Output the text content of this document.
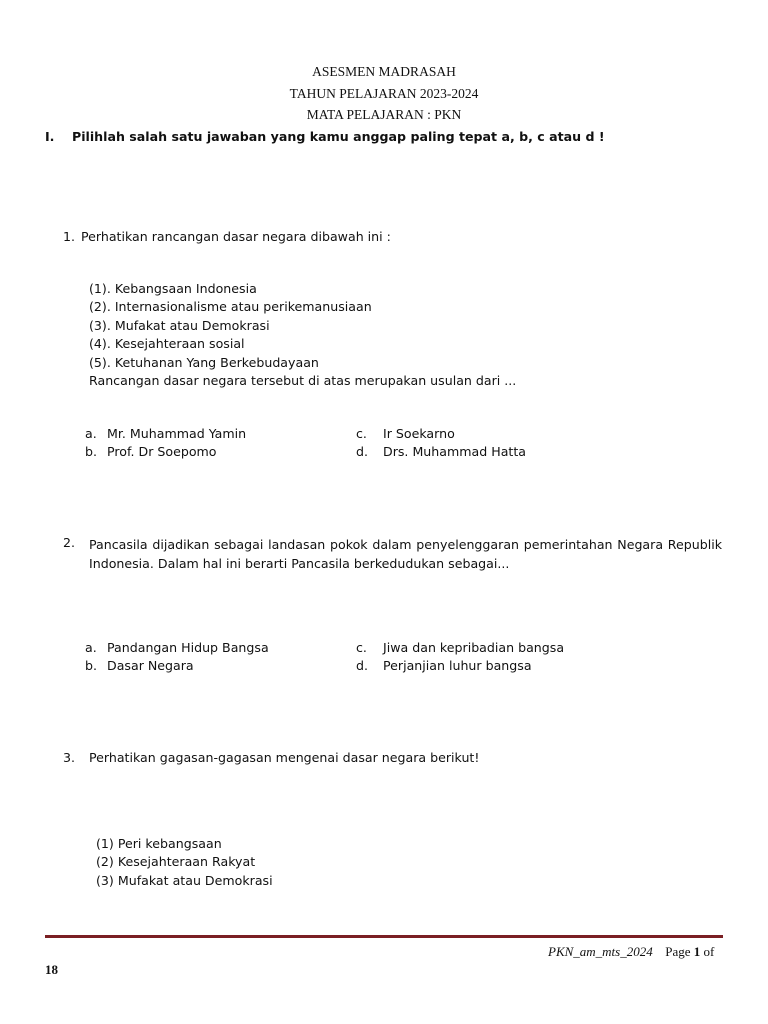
ASESMEN MADRASAH
TAHUN PELAJARAN 2023-2024
MATA PELAJARAN : PKN
I. Pilihlah salah satu jawaban yang kamu anggap paling tepat a, b, c atau d !
1. Perhatikan rancangan dasar negara dibawah ini :
(1). Kebangsaan Indonesia
(2). Internasionalisme atau perikemanusiaan
(3). Mufakat atau Demokrasi
(4). Kesejahteraan sosial
(5). Ketuhanan Yang Berkebudayaan
Rancangan dasar negara tersebut di atas merupakan usulan dari ...
a. Mr. Muhammad Yamin
b. Prof. Dr Soepomo
c. Ir Soekarno
d. Drs. Muhammad Hatta
2. Pancasila dijadikan sebagai landasan pokok dalam penyelenggaran pemerintahan Negara Republik Indonesia. Dalam hal ini berarti Pancasila berkedudukan sebagai...
a. Pandangan Hidup Bangsa
b. Dasar Negara
c. Jiwa dan kepribadian bangsa
d. Perjanjian luhur bangsa
3. Perhatikan gagasan-gagasan mengenai dasar negara berikut!
(1) Peri kebangsaan
(2) Kesejahteraan Rakyat
(3) Mufakat atau Demokrasi
PKN_am_mts_2024 Page 1 of
18
